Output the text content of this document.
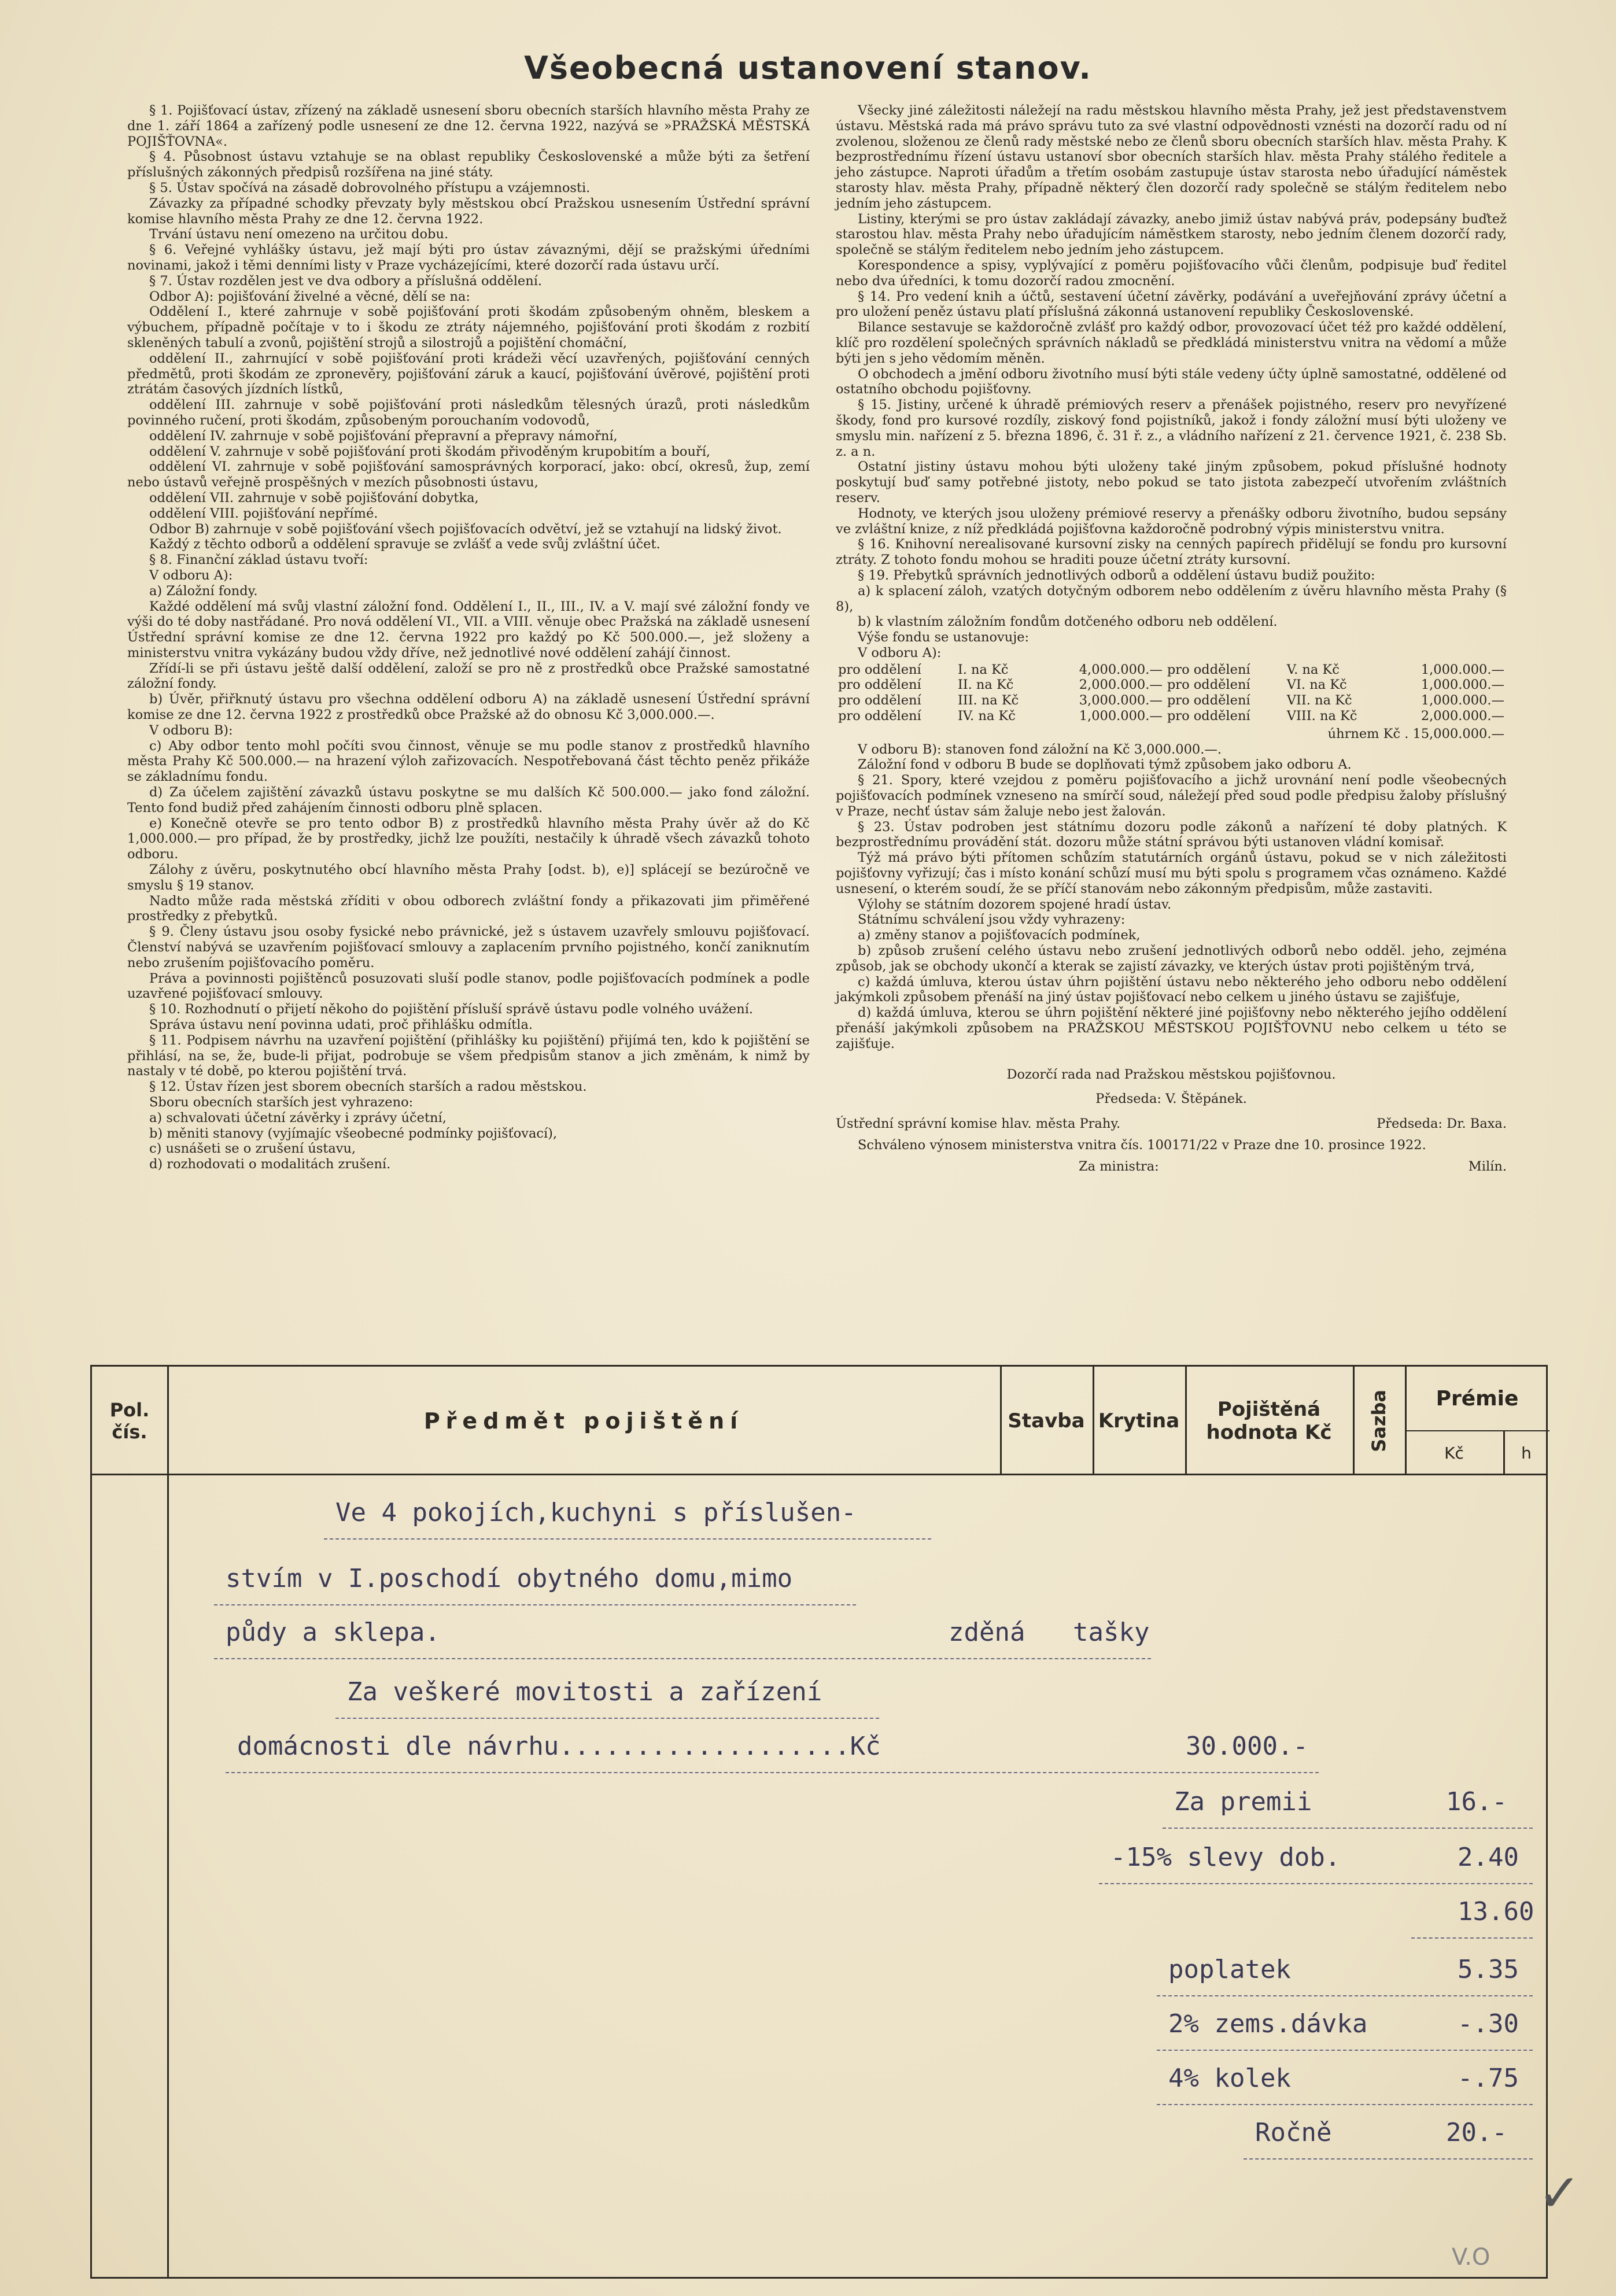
Všeobecná ustanovení stanov.

§ 1. Pojišťovací ústav, zřízený na základě usnesení sboru obecních starších hlavního města Prahy ze dne 1. září 1864 a zařízený podle usnesení ze dne 12. června 1922, nazývá se »PRAŽSKÁ MĚSTSKÁ POJIŠŤOVNA«.

§ 4. Působnost ústavu vztahuje se na oblast republiky Československé a může býti za šetření příslušných zákonných předpisů rozšířena na jiné státy.

§ 5. Ústav spočívá na zásadě dobrovolného přístupu a vzájemnosti.

Závazky za případné schodky převzaty byly městskou obcí Pražskou usnesením Ústřední správní komise hlavního města Prahy ze dne 12. června 1922.

Trvání ústavu není omezeno na určitou dobu.

§ 6. Veřejné vyhlášky ústavu, jež mají býti pro ústav závaznými, dějí se pražskými úředními novinami, jakož i těmi denními listy v Praze vycházejícími, které dozorčí rada ústavu určí.

§ 7. Ústav rozdělen jest ve dva odbory a příslušná oddělení.

Odbor A): pojišťování živelné a věcné, dělí se na:

Oddělení I., které zahrnuje v sobě pojišťování proti škodám způsobeným ohněm, bleskem a výbuchem, případně počítaje v to i škodu ze ztráty nájemného, pojišťování proti škodám z rozbití skleněných tabulí a zvonů, pojištění strojů a silostrojů a pojištění chomáční,

oddělení II., zahrnující v sobě pojišťování proti krádeži věcí uzavřených, pojišťování cenných předmětů, proti škodám ze zpronevěry, pojišťování záruk a kaucí, pojišťování úvěrové, pojištění proti ztrátám časových jízdních lístků,

oddělení III. zahrnuje v sobě pojišťování proti následkům tělesných úrazů, proti následkům povinného ručení, proti škodám, způsobeným porouchaním vodovodů,

oddělení IV. zahrnuje v sobě pojišťování přepravní a přepravy námořní,

oddělení V. zahrnuje v sobě pojišťování proti škodám přivoděným krupobitím a bouří,

oddělení VI. zahrnuje v sobě pojišťování samosprávných korporací, jako: obcí, okresů, žup, zemí nebo ústavů veřejně prospěšných v mezích působnosti ústavu,

oddělení VII. zahrnuje v sobě pojišťování dobytka,

oddělení VIII. pojišťování nepřímé.

Odbor B) zahrnuje v sobě pojišťování všech pojišťovacích odvětví, jež se vztahují na lidský život.

Každý z těchto odborů a oddělení spravuje se zvlášť a vede svůj zvláštní účet.

§ 8. Finanční základ ústavu tvoří:

V odboru A):

a) Záložní fondy.

Každé oddělení má svůj vlastní záložní fond. Oddělení I., II., III., IV. a V. mají své záložní fondy ve výši do té doby nastřádané. Pro nová oddělení VI., VII. a VIII. věnuje obec Pražská na základě usnesení Ústřední správní komise ze dne 12. června 1922 pro každý po Kč 500.000.—, jež složeny a ministerstvu vnitra vykázány budou vždy dříve, než jednotlivé nové oddělení zahájí činnost.

Zřídí-li se při ústavu ještě další oddělení, založí se pro ně z prostředků obce Pražské samostatné záložní fondy.

b) Úvěr, přiřknutý ústavu pro všechna oddělení odboru A) na základě usnesení Ústřední správní komise ze dne 12. června 1922 z prostředků obce Pražské až do obnosu Kč 3,000.000.—.

V odboru B):

c) Aby odbor tento mohl počíti svou činnost, věnuje se mu podle stanov z prostředků hlavního města Prahy Kč 500.000.— na hrazení výloh zařizovacích. Nespotřebovaná část těchto peněz přikáže se základnímu fondu.

d) Za účelem zajištění závazků ústavu poskytne se mu dalších Kč 500.000.— jako fond záložní. Tento fond budiž před zahájením činnosti odboru plně splacen.

e) Konečně otevře se pro tento odbor B) z prostředků hlavního města Prahy úvěr až do Kč 1,000.000.— pro případ, že by prostředky, jichž lze použíti, nestačily k úhradě všech závazků tohoto odboru.

Zálohy z úvěru, poskytnutého obcí hlavního města Prahy [odst. b), e)] splácejí se bezúročně ve smyslu § 19 stanov.

Nadto může rada městská zříditi v obou odborech zvláštní fondy a přikazovati jim přiměřené prostředky z přebytků.

§ 9. Členy ústavu jsou osoby fysické nebo právnické, jež s ústavem uzavřely smlouvu pojišťovací. Členství nabývá se uzavřením pojišťovací smlouvy a zaplacením prvního pojistného, končí zaniknutím nebo zrušením pojišťovacího poměru.

Práva a povinnosti pojištěnců posuzovati sluší podle stanov, podle pojišťovacích podmínek a podle uzavřené pojišťovací smlouvy.

§ 10. Rozhodnutí o přijetí někoho do pojištění přísluší správě ústavu podle volného uvážení.

Správa ústavu není povinna udati, proč přihlášku odmítla.

§ 11. Podpisem návrhu na uzavření pojištění (přihlášky ku pojištění) přijímá ten, kdo k pojištění se přihlásí, na se, že, bude-li přijat, podrobuje se všem předpisům stanov a jich změnám, k nimž by nastaly v té době, po kterou pojištění trvá.

§ 12. Ústav řízen jest sborem obecních starších a radou městskou.

Sboru obecních starších jest vyhrazeno:

a) schvalovati účetní závěrky i zprávy účetní,

b) měniti stanovy (vyjímajíc všeobecné podmínky pojišťovací),

c) usnášeti se o zrušení ústavu,

d) rozhodovati o modalitách zrušení.

Všecky jiné záležitosti náležejí na radu městskou hlavního města Prahy, jež jest představenstvem ústavu. Městská rada má právo správu tuto za své vlastní odpovědnosti vznésti na dozorčí radu od ní zvolenou, složenou ze členů rady městské nebo ze členů sboru obecních starších hlav. města Prahy. K bezprostřednímu řízení ústavu ustanoví sbor obecních starších hlav. města Prahy stálého ředitele a jeho zástupce. Naproti úřadům a třetím osobám zastupuje ústav starosta nebo úřadující náměstek starosty hlav. města Prahy, případně některý člen dozorčí rady společně se stálým ředitelem nebo jedním jeho zástupcem.

Listiny, kterými se pro ústav zakládají závazky, anebo jimiž ústav nabývá práv, podepsány buďtež starostou hlav. města Prahy nebo úřadujícím náměstkem starosty, nebo jedním členem dozorčí rady, společně se stálým ředitelem nebo jedním jeho zástupcem.

Korespondence a spisy, vyplývající z poměru pojišťovacího vůči členům, podpisuje buď ředitel nebo dva úředníci, k tomu dozorčí radou zmocnění.

§ 14. Pro vedení knih a účtů, sestavení účetní závěrky, podávání a uveřejňování zprávy účetní a pro uložení peněz ústavu platí příslušná zákonná ustanovení republiky Československé.

Bilance sestavuje se každoročně zvlášť pro každý odbor, provozovací účet též pro každé oddělení, klíč pro rozdělení společných správních nákladů se předkládá ministerstvu vnitra na vědomí a může býti jen s jeho vědomím měněn.

O obchodech a jmění odboru životního musí býti stále vedeny účty úplně samostatné, oddělené od ostatního obchodu pojišťovny.

§ 15. Jistiny, určené k úhradě prémiových reserv a přenášek pojistného, reserv pro nevyřízené škody, fond pro kursové rozdíly, ziskový fond pojistníků, jakož i fondy záložní musí býti uloženy ve smyslu min. nařízení z 5. března 1896, č. 31 ř. z., a vládního nařízení z 21. července 1921, č. 238 Sb. z. a n.

Ostatní jistiny ústavu mohou býti uloženy také jiným způsobem, pokud příslušné hodnoty poskytují buď samy potřebné jistoty, nebo pokud se tato jistota zabezpečí utvořením zvláštních reserv.

Hodnoty, ve kterých jsou uloženy prémiové reservy a přenášky odboru životního, budou sepsány ve zvláštní knize, z níž předkládá pojišťovna každoročně podrobný výpis ministerstvu vnitra.

§ 16. Knihovní nerealisované kursovní zisky na cenných papírech přidělují se fondu pro kursovní ztráty. Z tohoto fondu mohou se hraditi pouze účetní ztráty kursovní.

§ 19. Přebytků správních jednotlivých odborů a oddělení ústavu budiž použito:

a) k splacení záloh, vzatých dotyčným odborem nebo oddělením z úvěru hlavního města Prahy (§ 8),

b) k vlastním záložním fondům dotčeného odboru neb oddělení.

Výše fondu se ustanovuje:

V odboru A):

pro oddělení	I. na Kč	4,000.000.—	pro oddělení	V. na Kč	1,000.000.—
pro oddělení	II. na Kč	2,000.000.—	pro oddělení	VI. na Kč	1,000.000.—
pro oddělení	III. na Kč	3,000.000.—	pro oddělení	VII. na Kč	1,000.000.—
pro oddělení	IV. na Kč	1,000.000.—	pro oddělení	VIII. na Kč	2,000.000.—
úhrnem Kč . 15,000.000.—

V odboru B): stanoven fond záložní na Kč 3,000.000.—.

Záložní fond v odboru B bude se doplňovati týmž způsobem jako odboru A.

§ 21. Spory, které vzejdou z poměru pojišťovacího a jichž urovnání není podle všeobecných pojišťovacích podmínek vzneseno na smírčí soud, náležejí před soud podle předpisu žaloby příslušný v Praze, nechť ústav sám žaluje nebo jest žalován.

§ 23. Ústav podroben jest státnímu dozoru podle zákonů a nařízení té doby platných. K bezprostřednímu provádění stát. dozoru může státní správou býti ustanoven vládní komisař.

Týž má právo býti přítomen schůzím statutárních orgánů ústavu, pokud se v nich záležitosti pojišťovny vyřizují; čas i místo konání schůzí musí mu býti spolu s programem včas oznámeno. Každé usnesení, o kterém soudí, že se příčí stanovám nebo zákonným předpisům, může zastaviti.

Výlohy se státním dozorem spojené hradí ústav.

Státnímu schválení jsou vždy vyhrazeny:

a) změny stanov a pojišťovacích podmínek,

b) způsob zrušení celého ústavu nebo zrušení jednotlivých odborů nebo odděl. jeho, zejména způsob, jak se obchody ukončí a kterak se zajistí závazky, ve kterých ústav proti pojištěným trvá,

c) každá úmluva, kterou ústav úhrn pojištění ústavu nebo některého jeho odboru nebo oddělení jakýmkoli způsobem přenáší na jiný ústav pojišťovací nebo celkem u jiného ústavu se zajišťuje,

d) každá úmluva, kterou se úhrn pojištění některé jiné pojišťovny nebo některého jejího oddělení přenáší jakýmkoli způsobem na PRAŽSKOU MĚSTSKOU POJIŠŤOVNU nebo celkem u této se zajišťuje.

Dozorčí rada nad Pražskou městskou pojišťovnou.

Předseda: V. Štěpánek.

Ústřední správní komise hlav. města Prahy.	Předseda: Dr. Baxa.

Schváleno výnosem ministerstva vnitra čís. 100171/22 v Praze dne 10. prosince 1922.

Za ministra:	Milín.
Pol. čís.	Předmět pojištění	Stavba Krytina	Pojištěná hodnota Kč	Sazba	Prémie
Kč	h
Ve 4 pokojích,kuchyni s příslušen-
stvím v I.poschodí obytného domu,mimo
půdy a sklepa.	zděná tašky
Za veškeré movitosti a zařízení
domácnosti dle návrhu...................Kč	30.000.-
Za premii	16.-
-15% slevy dob.	2.40
13.60
poplatek	5.35
2% zems.dávka	-.30
4% kolek	-.75
Ročně	20.-
✓
V.O
